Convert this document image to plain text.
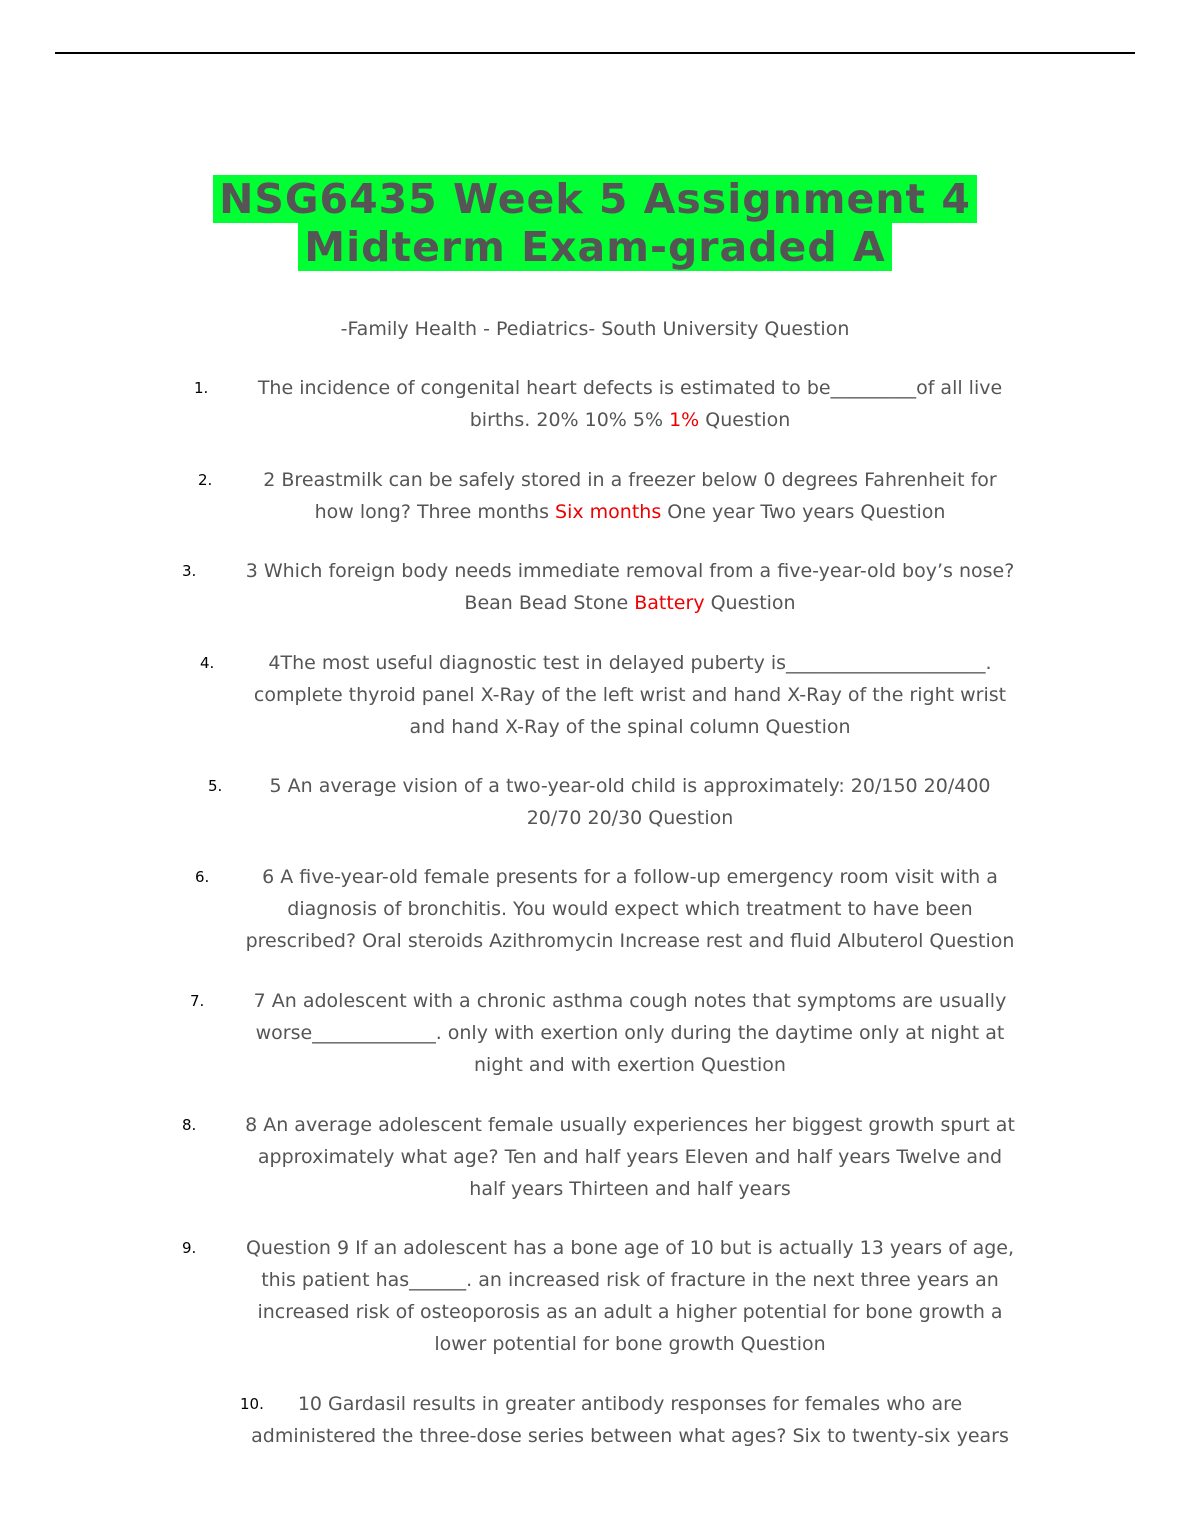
NSG6435 Week 5 Assignment 4
Midterm Exam-graded A
-Family Health - Pediatrics- South University Question
1.	The incidence of congenital heart defects is estimated to be_________of all live
births. 20% 10% 5% 1% Question
2.	2 Breastmilk can be safely stored in a freezer below 0 degrees Fahrenheit for
how long? Three months Six months One year Two years Question
3.	3 Which foreign body needs immediate removal from a five-year-old boy’s nose?
Bean Bead Stone Battery Question
4.	4The most useful diagnostic test in delayed puberty is_____________________.
complete thyroid panel X-Ray of the left wrist and hand X-Ray of the right wrist
and hand X-Ray of the spinal column Question
5.	5 An average vision of a two-year-old child is approximately: 20/150 20/400
20/70 20/30 Question
6.	6 A five-year-old female presents for a follow-up emergency room visit with a
diagnosis of bronchitis. You would expect which treatment to have been
prescribed? Oral steroids Azithromycin Increase rest and fluid Albuterol Question
7.	7 An adolescent with a chronic asthma cough notes that symptoms are usually
worse_____________. only with exertion only during the daytime only at night at
night and with exertion Question
8.	8 An average adolescent female usually experiences her biggest growth spurt at
approximately what age? Ten and half years Eleven and half years Twelve and
half years Thirteen and half years
9.	Question 9 If an adolescent has a bone age of 10 but is actually 13 years of age,
this patient has______. an increased risk of fracture in the next three years an
increased risk of osteoporosis as an adult a higher potential for bone growth a
lower potential for bone growth Question
10.	10 Gardasil results in greater antibody responses for females who are
administered the three-dose series between what ages? Six to twenty-six years
